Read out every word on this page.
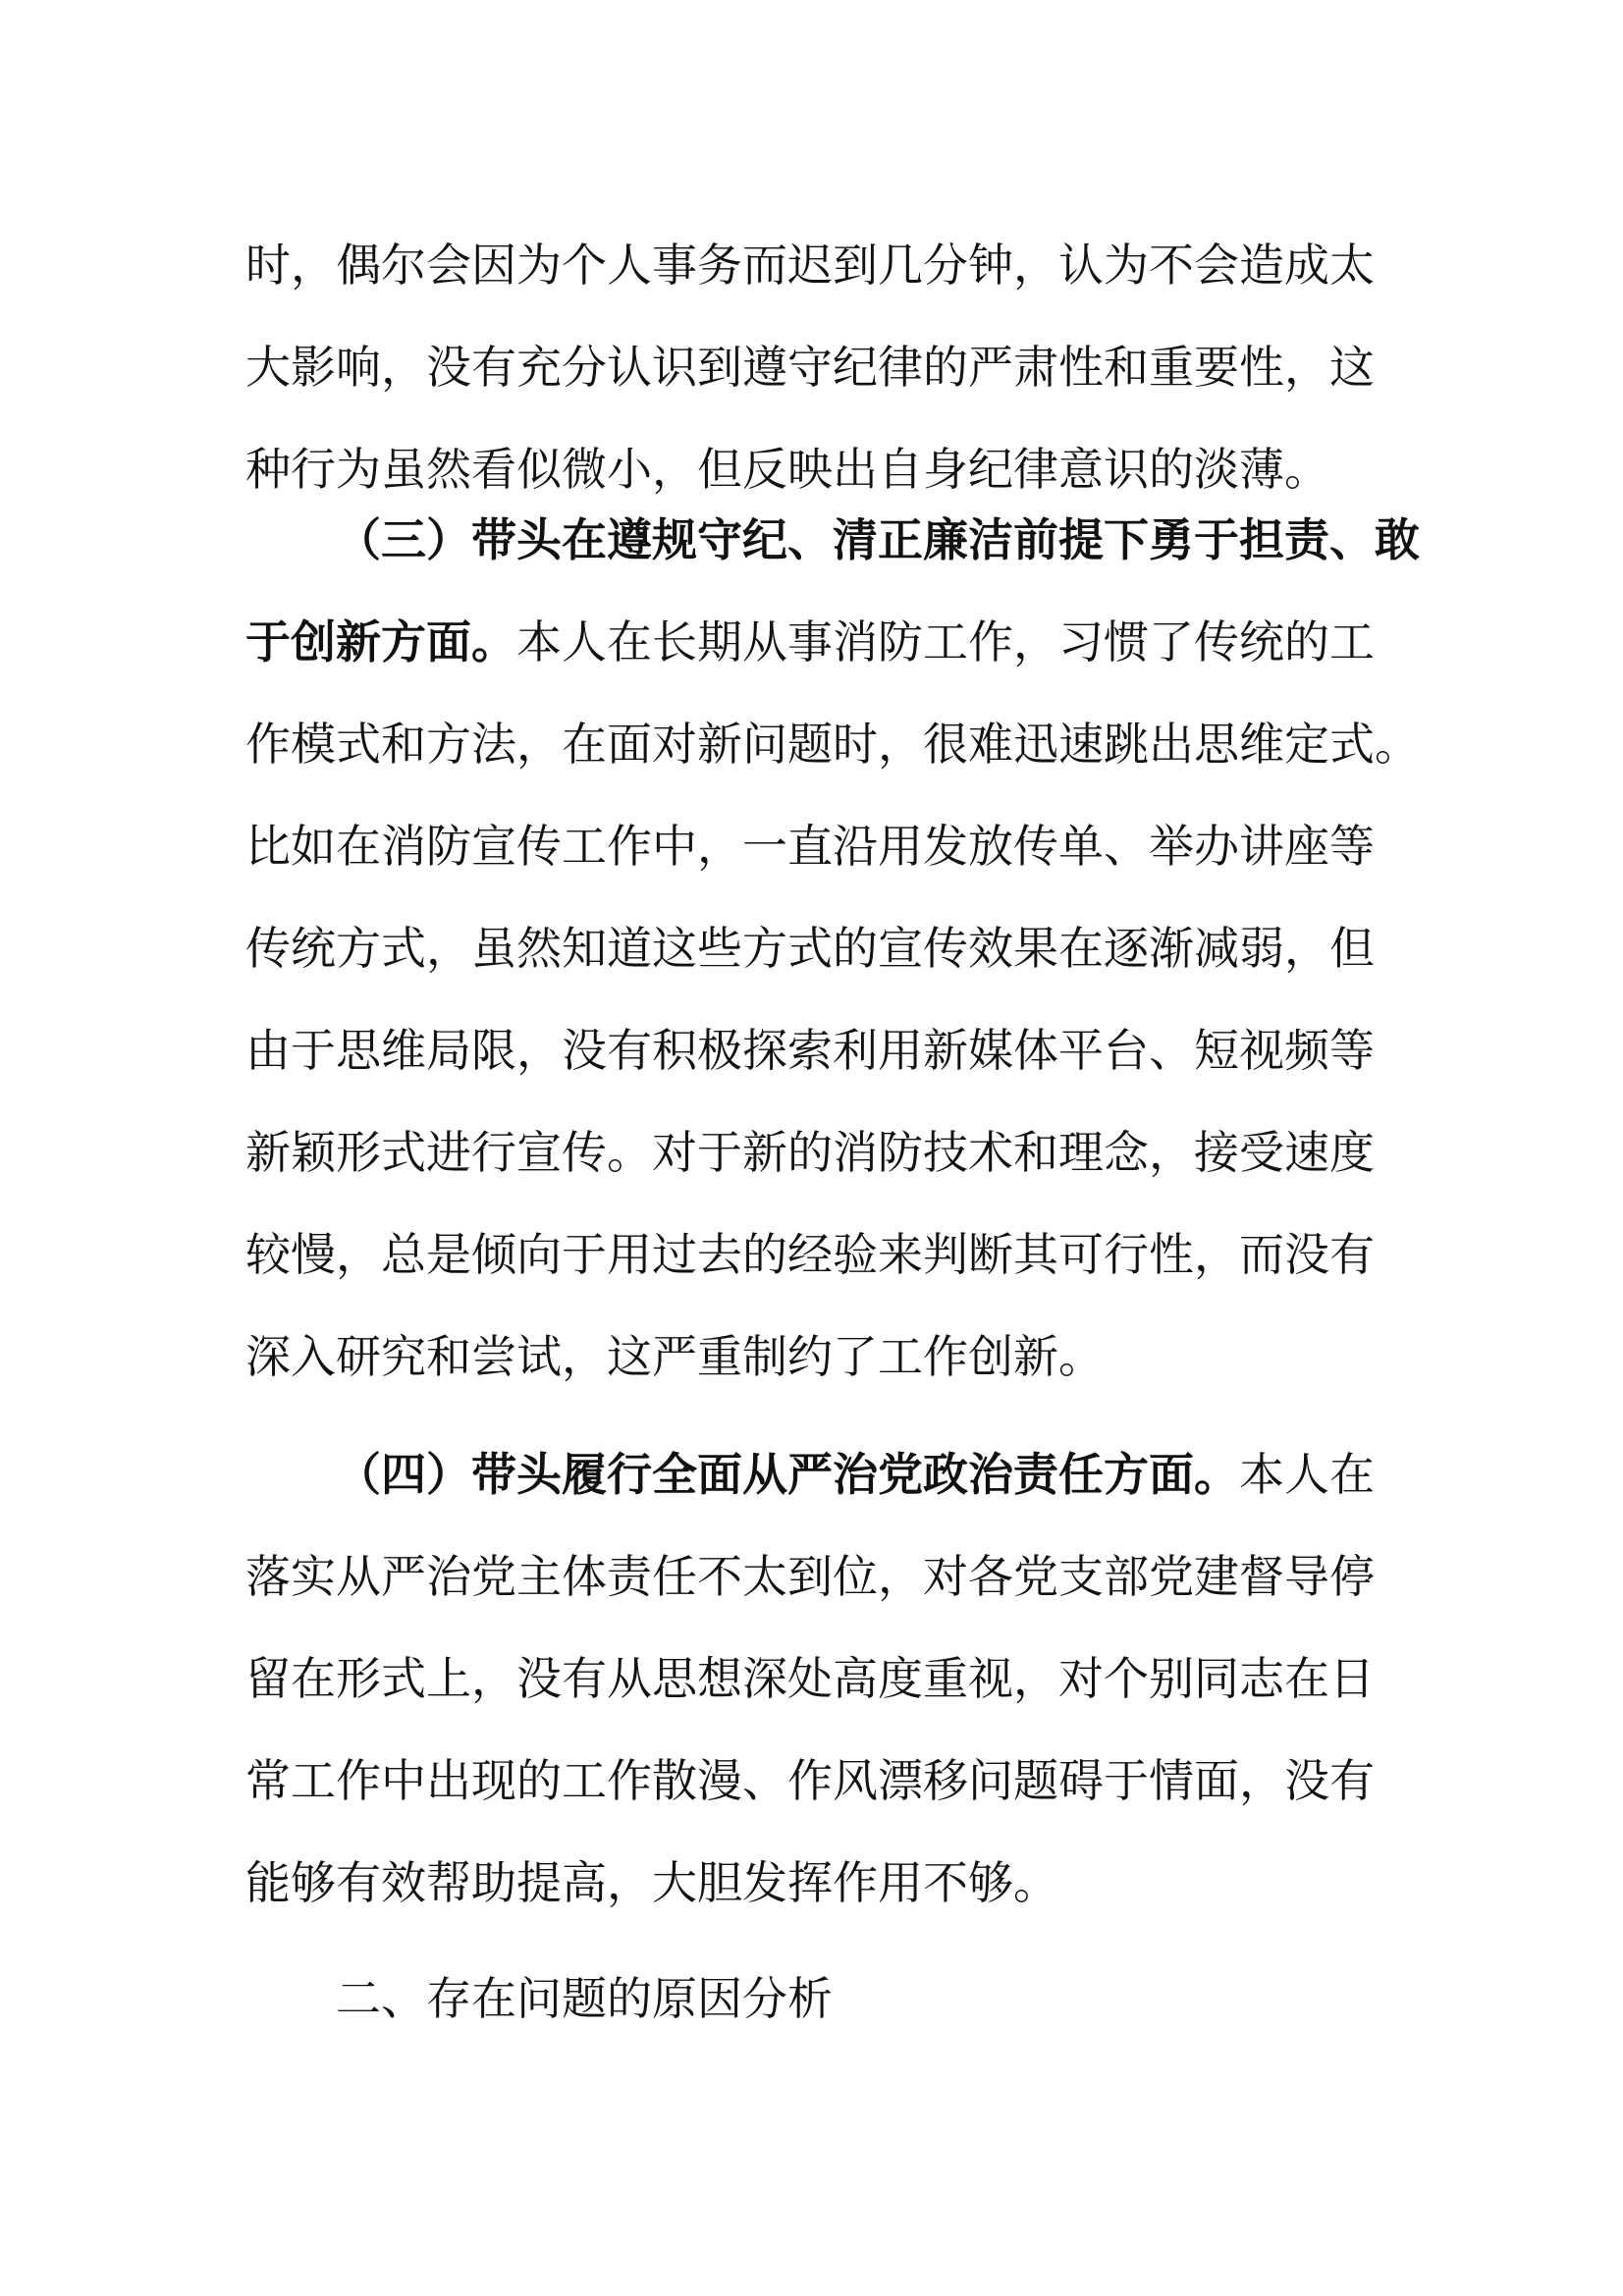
时，偶尔会因为个人事务而迟到几分钟，认为不会造成太
大影响，没有充分认识到遵守纪律的严肃性和重要性，这
种行为虽然看似微小，但反映出自身纪律意识的淡薄。
（三）带头在遵规守纪、清正廉洁前提下勇于担责、敢
于创新方面。本人在长期从事消防工作，习惯了传统的工
作模式和方法，在面对新问题时，很难迅速跳出思维定式。
比如在消防宣传工作中，一直沿用发放传单、举办讲座等
传统方式，虽然知道这些方式的宣传效果在逐渐减弱，但
由于思维局限，没有积极探索利用新媒体平台、短视频等
新颖形式进行宣传。对于新的消防技术和理念，接受速度
较慢，总是倾向于用过去的经验来判断其可行性，而没有
深入研究和尝试，这严重制约了工作创新。
（四）带头履行全面从严治党政治责任方面。本人在
落实从严治党主体责任不太到位，对各党支部党建督导停
留在形式上，没有从思想深处高度重视，对个别同志在日
常工作中出现的工作散漫、作风漂移问题碍于情面，没有
能够有效帮助提高，大胆发挥作用不够。
二、存在问题的原因分析
